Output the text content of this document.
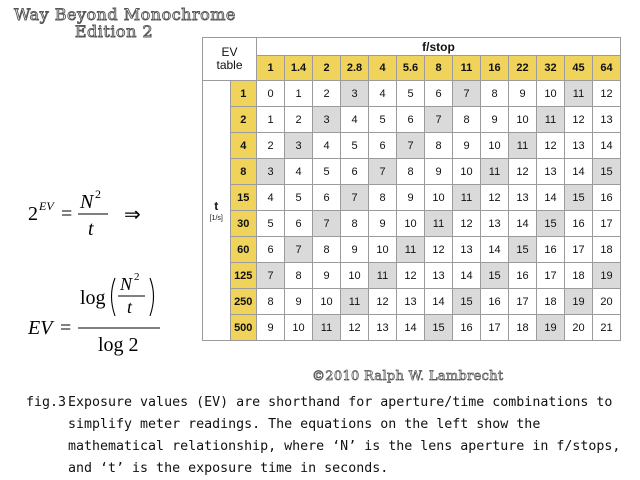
Way Beyond Monochrome
Edition 2
2 EV =
N 2
t
⇒
EV =
log
N 2
t
log 2
EV
table		f/stop												
		1	1.4	2	2.8	4	5.6	8	11	16	22	32	45	64
t
[1/s]	1	0	1	2	3	4	5	6	7	8	9	10	11	12
	2	1	2	3	4	5	6	7	8	9	10	11	12	13
	4	2	3	4	5	6	7	8	9	10	11	12	13	14
	8	3	4	5	6	7	8	9	10	11	12	13	14	15
	15	4	5	6	7	8	9	10	11	12	13	14	15	16
	30	5	6	7	8	9	10	11	12	13	14	15	16	17
	60	6	7	8	9	10	11	12	13	14	15	16	17	18
	125	7	8	9	10	11	12	13	14	15	16	17	18	19
	250	8	9	10	11	12	13	14	15	16	17	18	19	20
	500	9	10	11	12	13	14	15	16	17	18	19	20	21
©2010 Ralph W. Lambrecht
fig.3 Exposure values (EV) are shorthand for aperture/time combinations to simplify meter readings. The equations on the left show the mathematical relationship, where ‘N’ is the lens aperture in f/stops, and ‘t’ is the exposure time in seconds.
